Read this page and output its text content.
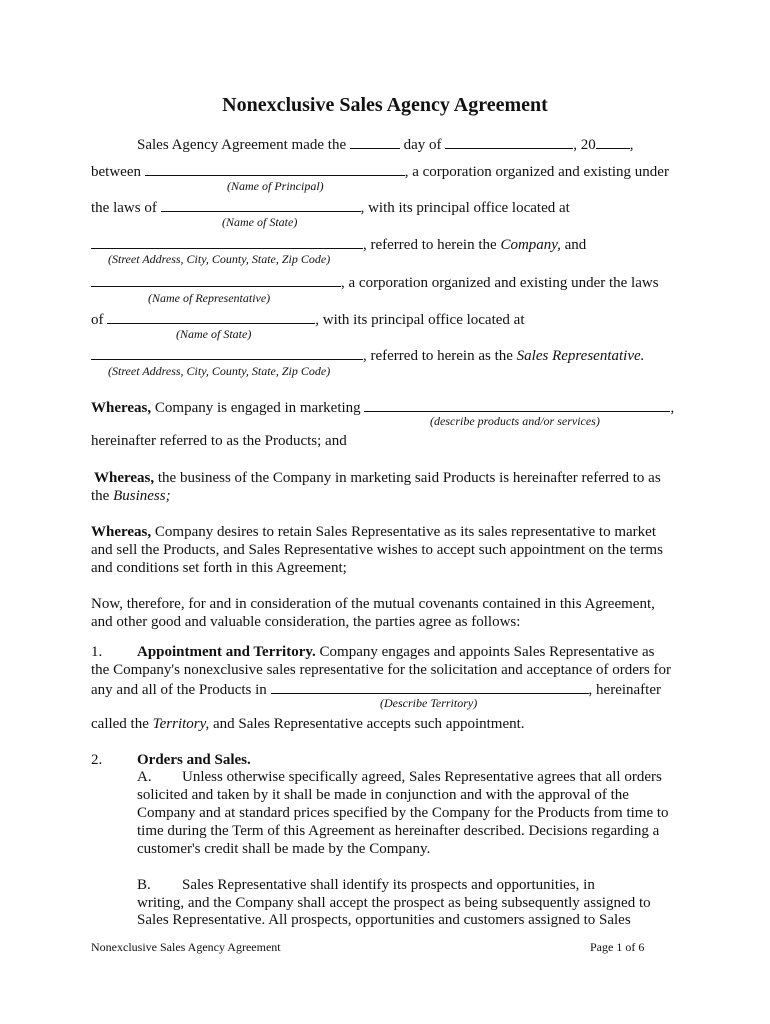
Nonexclusive Sales Agency Agreement
Sales Agency Agreement made the	day of	, 20 ,
between	, a corporation organized and existing under
(Name of Principal)
the laws of	, with its principal office located at
(Name of State)
, referred to herein the Company, and
(Street Address, City, County, State, Zip Code)
, a corporation organized and existing under the laws
(Name of Representative)
of	, with its principal office located at
(Name of State)
, referred to herein as the Sales Representative.
(Street Address, City, County, State, Zip Code)
Whereas, Company is engaged in marketing	,
(describe products and/or services)
hereinafter referred to as the Products; and
Whereas, the business of the Company in marketing said Products is hereinafter referred to as
the Business;
Whereas, Company desires to retain Sales Representative as its sales representative to market
and sell the Products, and Sales Representative wishes to accept such appointment on the terms
and conditions set forth in this Agreement;
Now, therefore, for and in consideration of the mutual covenants contained in this Agreement,
and other good and valuable consideration, the parties agree as follows:
1. Appointment and Territory. Company engages and appoints Sales Representative as
the Company's nonexclusive sales representative for the solicitation and acceptance of orders for
any and all of the Products in	, hereinafter
(Describe Territory)
called the Territory, and Sales Representative accepts such appointment.
2. Orders and Sales.
A. Unless otherwise specifically agreed, Sales Representative agrees that all orders
solicited and taken by it shall be made in conjunction and with the approval of the
Company and at standard prices specified by the Company for the Products from time to
time during the Term of this Agreement as hereinafter described. Decisions regarding a
customer's credit shall be made by the Company.
B. Sales Representative shall identify its prospects and opportunities, in
writing, and the Company shall accept the prospect as being subsequently assigned to
Sales Representative. All prospects, opportunities and customers assigned to Sales
Nonexclusive Sales Agency Agreement	Page 1 of 6
